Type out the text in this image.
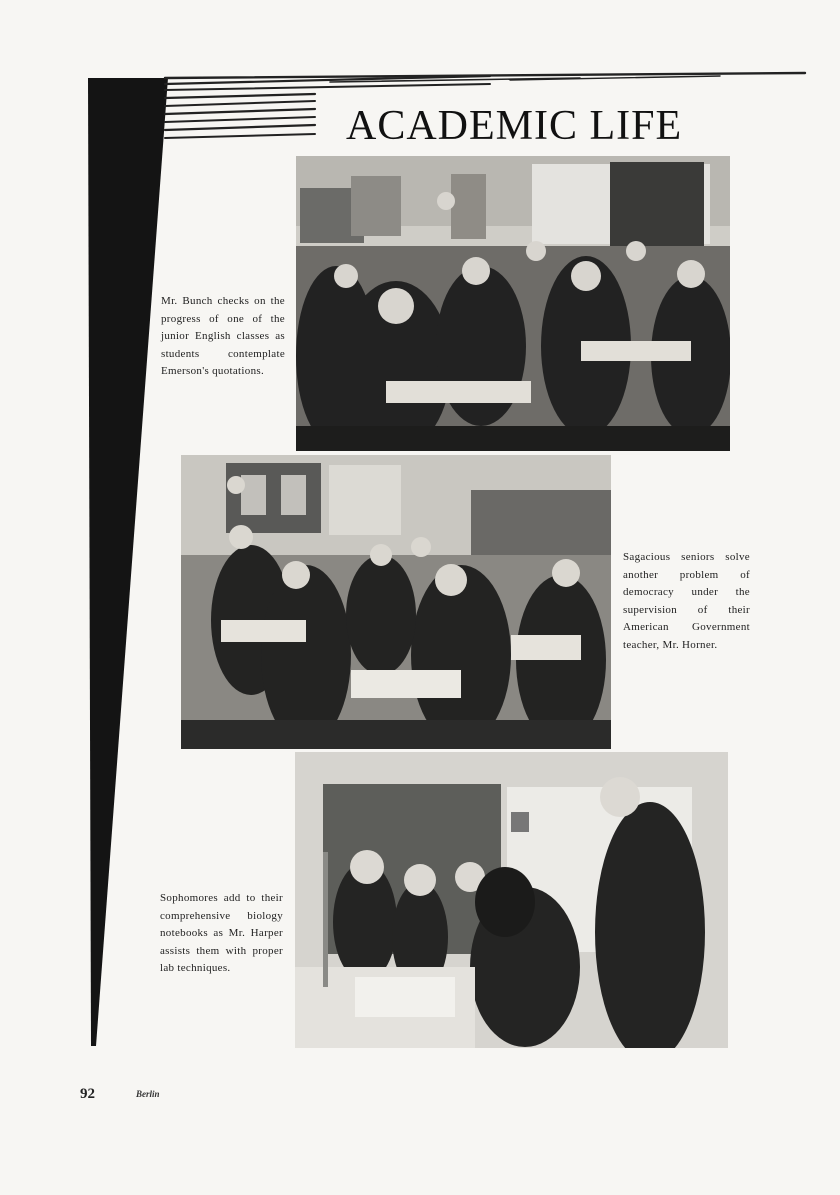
ACADEMIC LIFE
Mr. Bunch checks on the progress of one of the junior English classes as students contemplate Emerson's quotations.
Sagacious seniors solve another problem of democracy under the supervision of their American Government teacher, Mr. Horner.
Sophomores add to their comprehensive biology notebooks as Mr. Harper assists them with proper lab techniques.
92	Berlin
